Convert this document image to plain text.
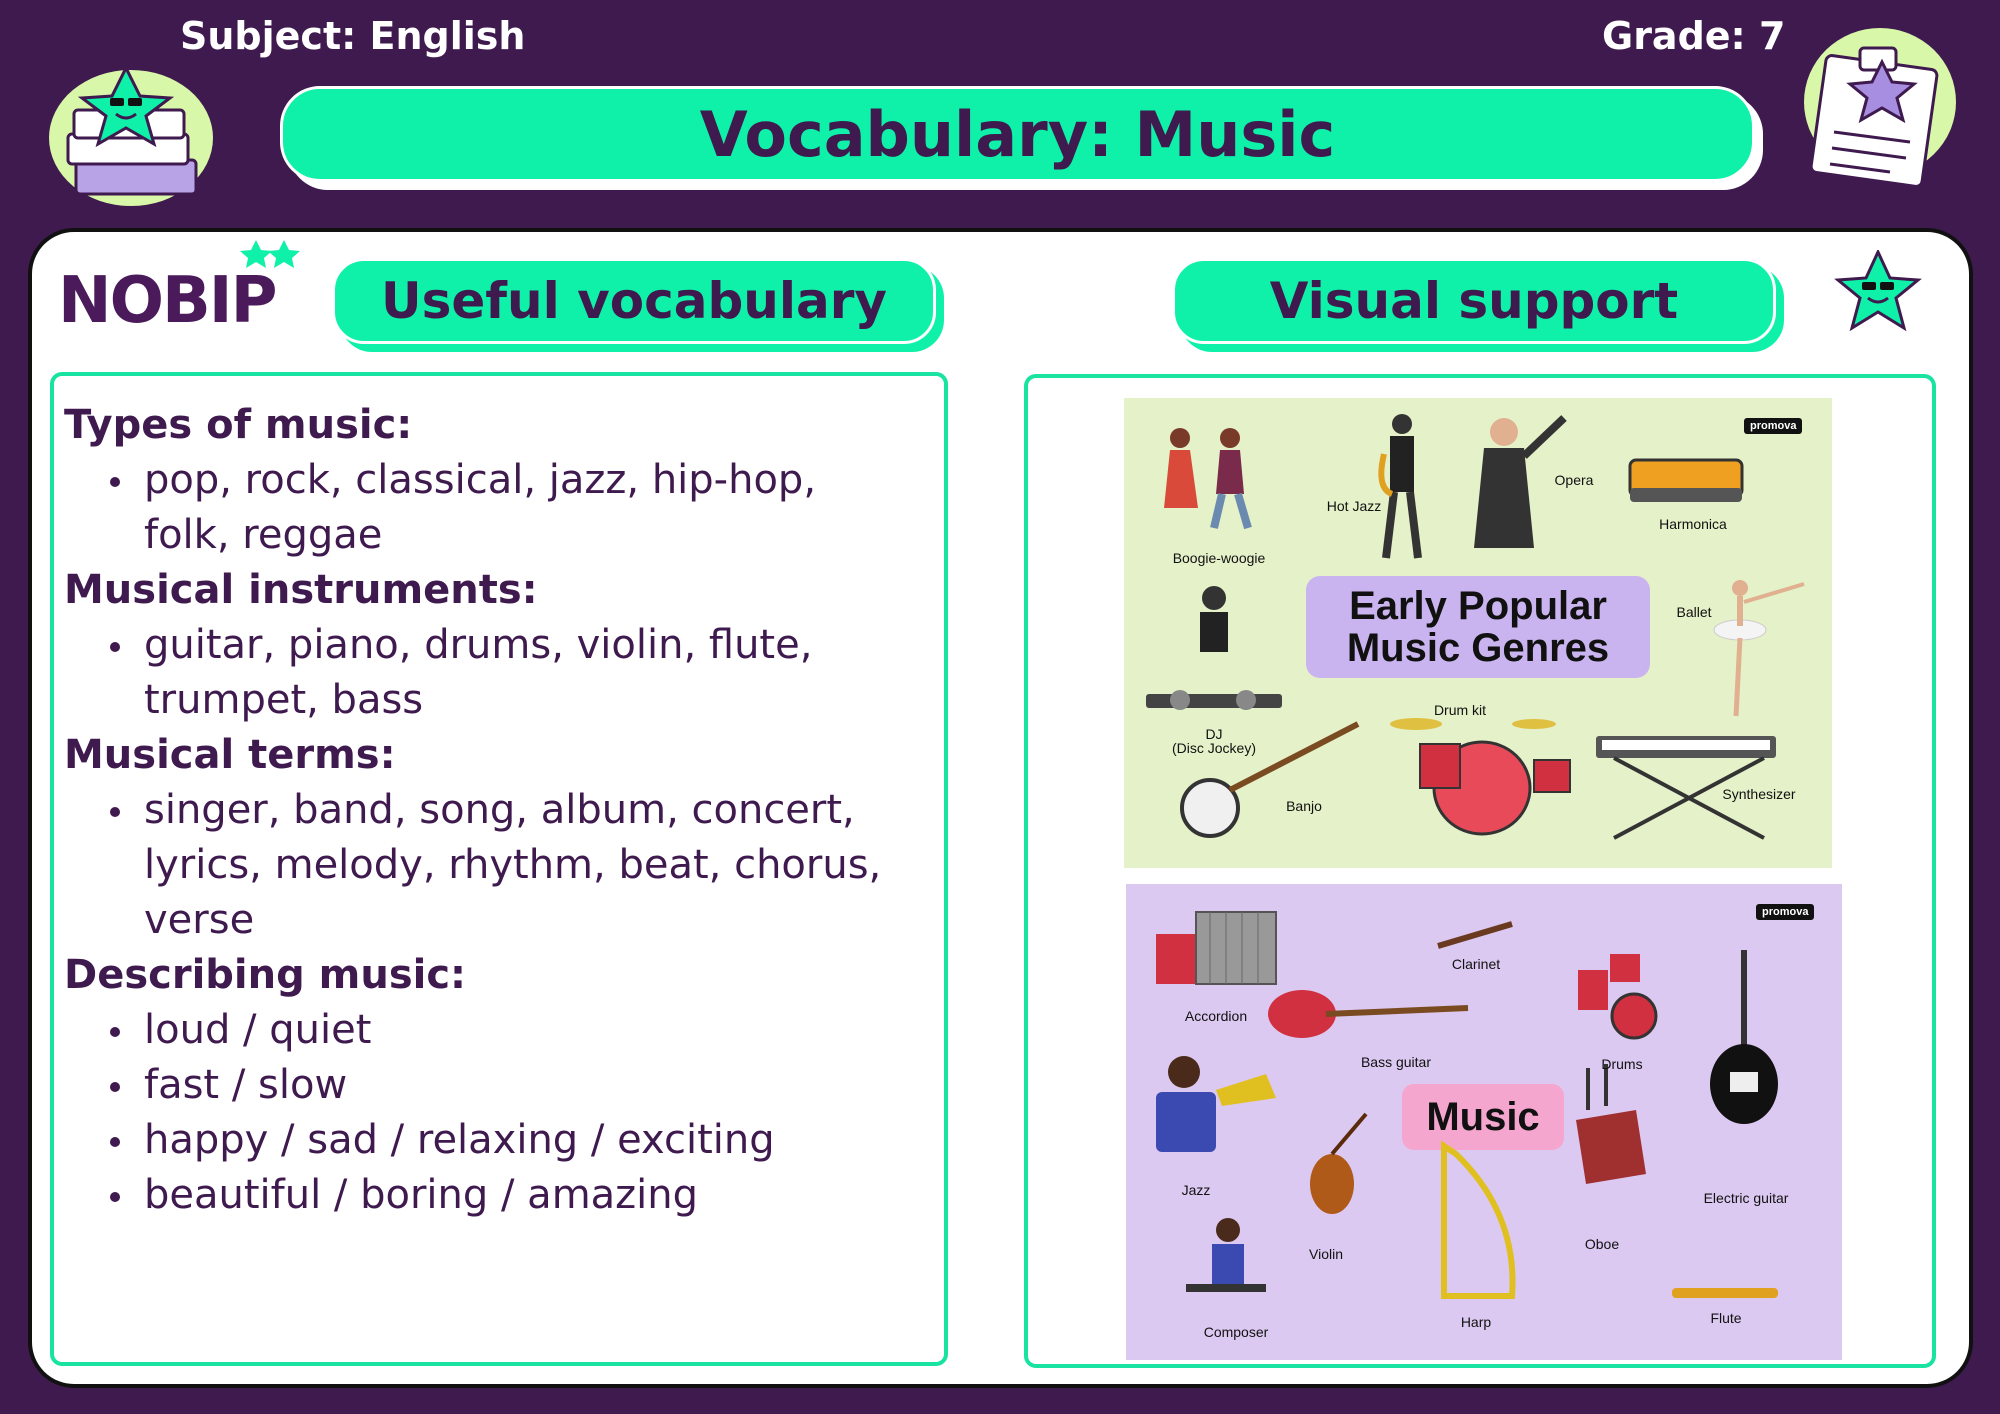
Subject: English	Grade: 7
Vocabulary: Music
NOBIP Useful vocabulary	Visual support
Types of music:
pop, rock, classical, jazz, hip-hop, folk, reggae
Musical instruments:
guitar, piano, drums, violin, flute, trumpet, bass
Musical terms:
singer, band, song, album, concert, lyrics, melody, rhythm, beat, chorus, verse
Describing music:
loud / quiet
fast / slow
happy / sad / relaxing / exciting
beautiful / boring / amazing
promova
Early Popular
Music Genres
Boogie-woogie
Hot Jazz
Opera
Harmonica
Ballet
DJ
(Disc Jockey)
Drum kit
Banjo
Synthesizer
promova
Music
Accordion
Clarinet
Bass guitar	Drums
Electric guitar
Jazz
Violin
Oboe
Harp
Composer
Flute
